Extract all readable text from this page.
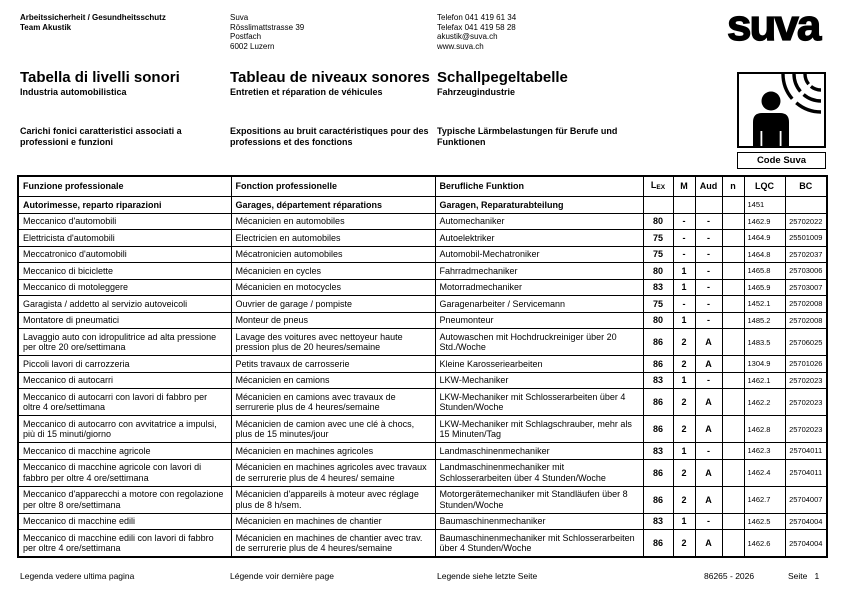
Arbeitssicherheit / Gesundheitsschutz
Team Akustik
Suva
Rösslimattstrasse 39
Postfach
6002 Luzern
Telefon 041 419 61 34
Telefax 041 419 58 28
akustik@suva.ch
www.suva.ch	suva
Tabella di livelli sonori
Industria automobilistica
Tableau de niveaux sonores
Entretien et réparation de véhicules
Schallpegeltabelle
Fahrzeugindustrie
Carichi fonici caratteristici associati a professioni e funzioni
Expositions au bruit caractéristiques pour des professions et des fonctions
Typische Lärmbelastungen für Berufe und Funktionen
Code Suva
Funzione professionale	Fonction professionelle	Berufliche Funktion	LEX	M	Aud	n	LQC	BC
Autorimesse, reparto riparazioni	Garages, département réparations	Garagen, Reparaturabteilung					1451	
Meccanico d'automobili	Mécanicien en automobiles	Automechaniker	80	-	-		1462.9	25702022
Elettricista d'automobili	Electricien en automobiles	Autoelektriker	75	-	-		1464.9	25501009
Meccatronico d'automobili	Mécatronicien automobiles	Automobil-Mechatroniker	75	-	-		1464.8	25702037
Meccanico di biciclette	Mécanicien en cycles	Fahrradmechaniker	80	1	-		1465.8	25703006
Meccanico di motoleggere	Mécanicien en motocycles	Motorradmechaniker	83	1	-		1465.9	25703007
Garagista / addetto al servizio autoveicoli	Ouvrier de garage / pompiste	Garagenarbeiter / Servicemann	75	-	-		1452.1	25702008
Montatore di pneumatici	Monteur de pneus	Pneumonteur	80	1	-		1485.2	25702008
Lavaggio auto con idropulitrice ad alta pressione per oltre 20 ore/settimana	Lavage des voitures avec nettoyeur haute pression plus de 20 heures/semaine	Autowaschen mit Hochdruckreiniger über 20 Std./Woche	86	2	A		1483.5	25706025
Piccoli lavori di carrozzeria	Petits travaux de carrosserie	Kleine Karosseriearbeiten	86	2	A		1304.9	25701026
Meccanico di autocarri	Mécanicien en camions	LKW-Mechaniker	83	1	-		1462.1	25702023
Meccanico di autocarri con lavori di fabbro per oltre 4 ore/settimana	Mécanicien en camions avec travaux de serrurerie plus de 4 heures/semaine	LKW-Mechaniker mit Schlosserarbeiten über 4 Stunden/Woche	86	2	A		1462.2	25702023
Meccanico di autocarro con avvitatrice a impulsi, più di 15 minuti/giorno	Mécanicien de camion avec une clé à chocs, plus de 15 minutes/jour	LKW-Mechaniker mit Schlagschrauber, mehr als 15 Minuten/Tag	86	2	A		1462.8	25702023
Meccanico di macchine agricole	Mécanicien en machines agricoles	Landmaschinenmechaniker	83	1	-		1462.3	25704011
Meccanico di macchine agricole con lavori di fabbro per oltre 4 ore/settimana	Mécanicien en machines agricoles avec travaux de serrurerie plus de 4 heures/ semaine	Landmaschinenmechaniker mit Schlosserarbeiten über 4 Stunden/Woche	86	2	A		1462.4	25704011
Meccanico d'apparecchi a motore con regolazione per oltre 8 ore/settimana	Mécanicien d'appareils à moteur avec réglage plus de 8 h/sem.	Motorgerätemechaniker mit Standläufen über 8 Stunden/Woche	86	2	A		1462.7	25704007
Meccanico di macchine edili	Mécanicien en machines de chantier	Baumaschinenmechaniker	83	1	-		1462.5	25704004
Meccanico di macchine edili con lavori di fabbro per oltre 4 ore/settimana	Mécanicien en machines de chantier avec trav. de serrurerie plus de 4 heures/semaine	Baumaschinenmechaniker mit Schlosserarbeiten über 4 Stunden/Woche	86	2	A		1462.6	25704004
Legenda vedere ultima pagina	Légende voir dernière page	Legende siehe letzte Seite	86265 - 2026	Seite 1
